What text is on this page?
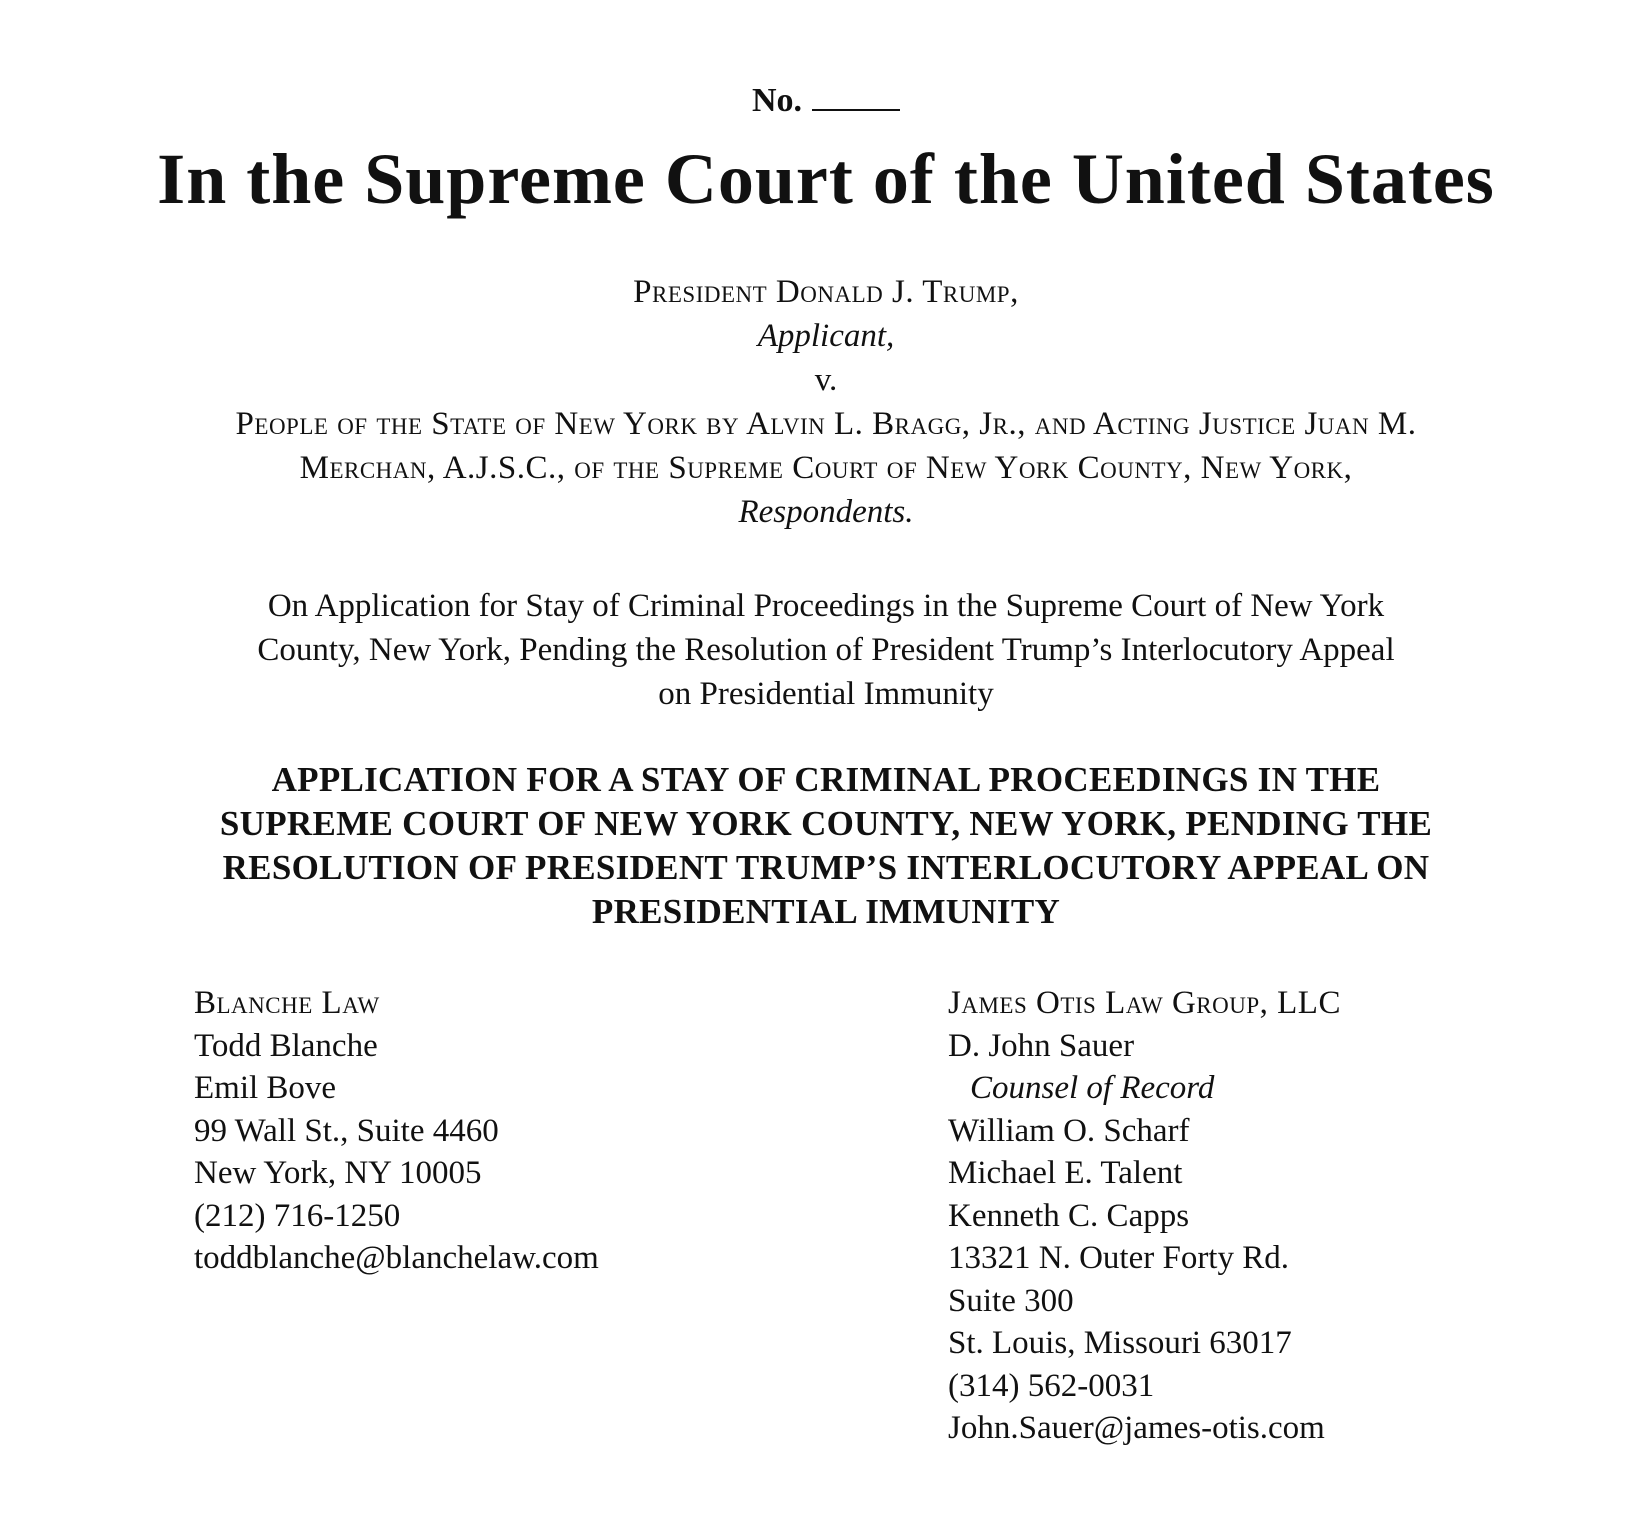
No.
In the Supreme Court of the United States
President Donald J. Trump,
Applicant,
v.
People of the State of New York by Alvin L. Bragg, Jr., and Acting Justice Juan M.
Merchan, A.J.S.C., of the Supreme Court of New York County, New York,
Respondents.
On Application for Stay of Criminal Proceedings in the Supreme Court of New York
County, New York, Pending the Resolution of President Trump’s Interlocutory Appeal
on Presidential Immunity
APPLICATION FOR A STAY OF CRIMINAL PROCEEDINGS IN THE
SUPREME COURT OF NEW YORK COUNTY, NEW YORK, PENDING THE
RESOLUTION OF PRESIDENT TRUMP’S INTERLOCUTORY APPEAL ON
PRESIDENTIAL IMMUNITY
Blanche Law
Todd Blanche
Emil Bove
99 Wall St., Suite 4460
New York, NY 10005
(212) 716-1250
toddblanche@blanchelaw.com
James Otis Law Group, LLC
D. John Sauer
Counsel of Record
William O. Scharf
Michael E. Talent
Kenneth C. Capps
13321 N. Outer Forty Rd.
Suite 300
St. Louis, Missouri 63017
(314) 562-0031
John.Sauer@james-otis.com
